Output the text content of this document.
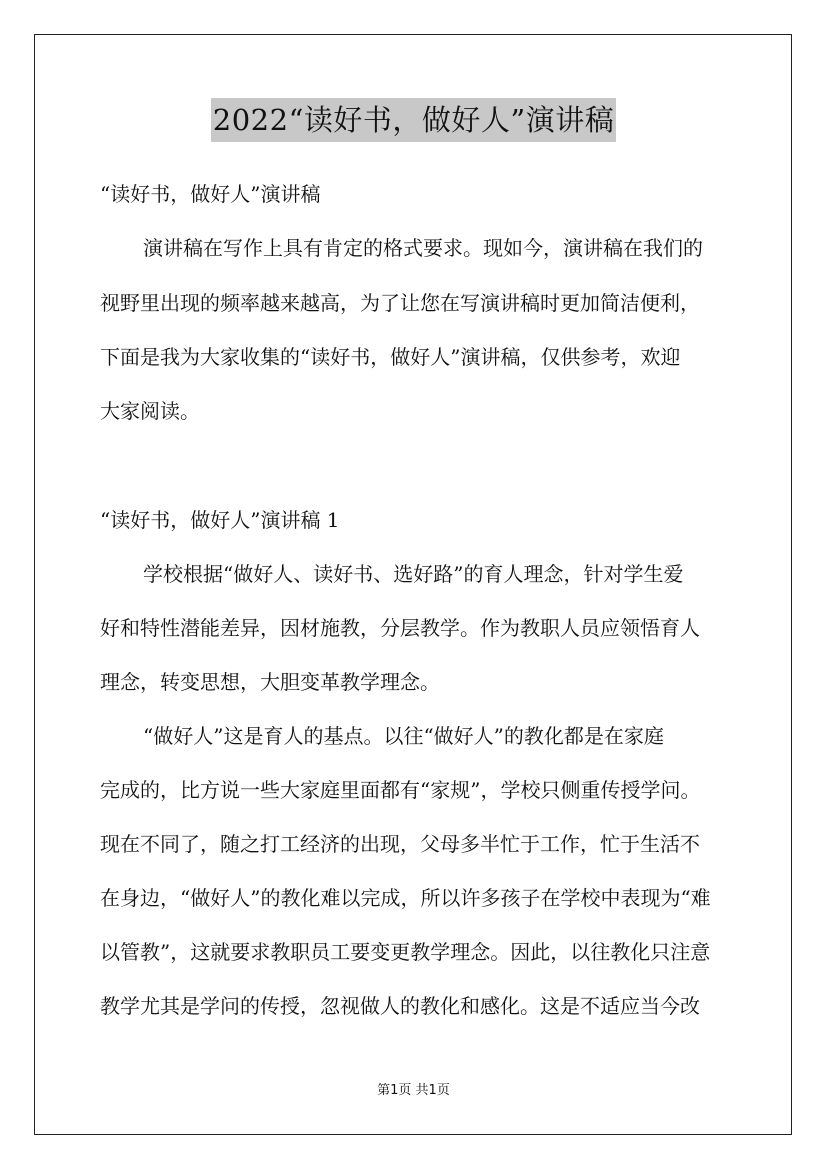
2022“读好书，做好人”演讲稿
“读好书，做好人”演讲稿
演讲稿在写作上具有肯定的格式要求。现如今，演讲稿在我们的
视野里出现的频率越来越高，为了让您在写演讲稿时更加简洁便利，
下面是我为大家收集的“读好书，做好人”演讲稿，仅供参考，欢迎
大家阅读。
“读好书，做好人”演讲稿 1
学校根据“做好人、读好书、选好路”的育人理念，针对学生爱
好和特性潜能差异，因材施教，分层教学。作为教职人员应领悟育人
理念，转变思想，大胆变革教学理念。
“做好人”这是育人的基点。以往“做好人”的教化都是在家庭
完成的，比方说一些大家庭里面都有“家规”，学校只侧重传授学问。
现在不同了，随之打工经济的出现，父母多半忙于工作，忙于生活不
在身边，“做好人”的教化难以完成，所以许多孩子在学校中表现为“难
以管教”，这就要求教职员工要变更教学理念。因此，以往教化只注意
教学尤其是学问的传授，忽视做人的教化和感化。这是不适应当今改
第1页 共1页
